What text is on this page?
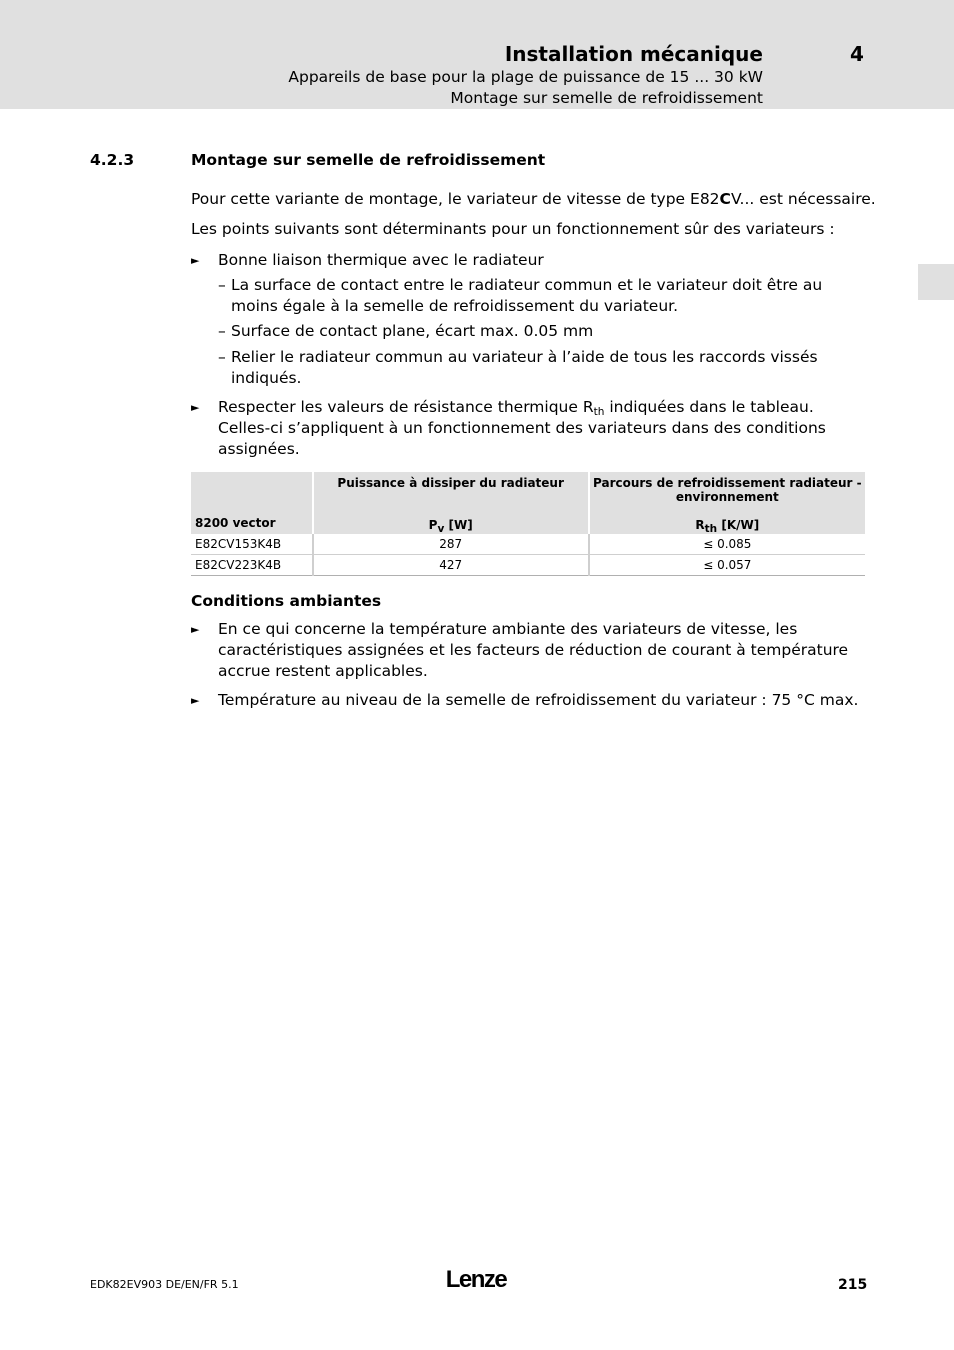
Installation mécanique	4
Appareils de base pour la plage de puissance de 15 ... 30 kW
Montage sur semelle de refroidissement
4.2.3	Montage sur semelle de refroidissement
Pour cette variante de montage, le variateur de vitesse de type E82CV... est nécessaire.
Les points suivants sont déterminants pour un fonctionnement sûr des variateurs :
► Bonne liaison thermique avec le radiateur
– La surface de contact entre le radiateur commun et le variateur doit être au moins égale à la semelle de refroidissement du variateur.
– Surface de contact plane, écart max. 0.05 mm
– Relier le radiateur commun au variateur à l’aide de tous les raccords vissés indiqués.
► Respecter les valeurs de résistance thermique $R_{th}$ indiquées dans le tableau. Celles-ci s’appliquent à un fonctionnement des variateurs dans des conditions assignées.
8200 vector	Puissance à dissiper du radiateur	Parcours de refroidissement radiateur - environnement
	$P_v$ [W]	$R_{th}$ [K/W]
E82CV153K4B	287	≤ 0.085
E82CV223K4B	427	≤ 0.057
Conditions ambiantes
► En ce qui concerne la température ambiante des variateurs de vitesse, les caractéristiques assignées et les facteurs de réduction de courant à température accrue restent applicables.
► Température au niveau de la semelle de refroidissement du variateur : 75 °C max.
EDK82EV903 DE/EN/FR 5.1	Lenze	215
